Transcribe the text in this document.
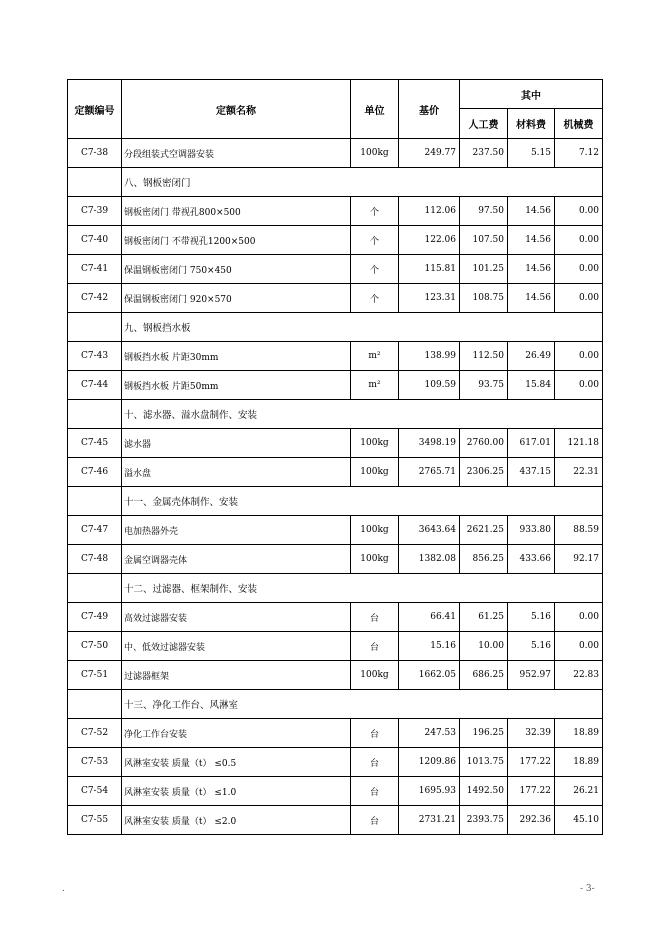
定额编号	定额名称	单位	基价	其中		
				人工费	材料费	机械费
C7-38	分段组装式空调器安装	100kg	249.77	237.50	5.15	7.12
	八、钢板密闭门					
C7-39	钢板密闭门 带视孔800×500	个	112.06	97.50	14.56	0.00
C7-40	钢板密闭门 不带视孔1200×500	个	122.06	107.50	14.56	0.00
C7-41	保温钢板密闭门 750×450	个	115.81	101.25	14.56	0.00
C7-42	保温钢板密闭门 920×570	个	123.31	108.75	14.56	0.00
	九、钢板挡水板					
C7-43	钢板挡水板 片距30mm	m²	138.99	112.50	26.49	0.00
C7-44	钢板挡水板 片距50mm	m²	109.59	93.75	15.84	0.00
	十、滤水器、溢水盘制作、安装					
C7-45	滤水器	100kg	3498.19	2760.00	617.01	121.18
C7-46	溢水盘	100kg	2765.71	2306.25	437.15	22.31
	十一、金属壳体制作、安装					
C7-47	电加热器外壳	100kg	3643.64	2621.25	933.80	88.59
C7-48	金属空调器壳体	100kg	1382.08	856.25	433.66	92.17
	十二、过滤器、框架制作、安装					
C7-49	高效过滤器安装	台	66.41	61.25	5.16	0.00
C7-50	中、低效过滤器安装	台	15.16	10.00	5.16	0.00
C7-51	过滤器框架	100kg	1662.05	686.25	952.97	22.83
	十三、净化工作台、风淋室					
C7-52	净化工作台安装	台	247.53	196.25	32.39	18.89
C7-53	风淋室安装 质量（t） ≤0.5	台	1209.86	1013.75	177.22	18.89
C7-54	风淋室安装 质量（t） ≤1.0	台	1695.93	1492.50	177.22	26.21
C7-55	风淋室安装 质量（t） ≤2.0	台	2731.21	2393.75	292.36	45.10
.	- 3-
